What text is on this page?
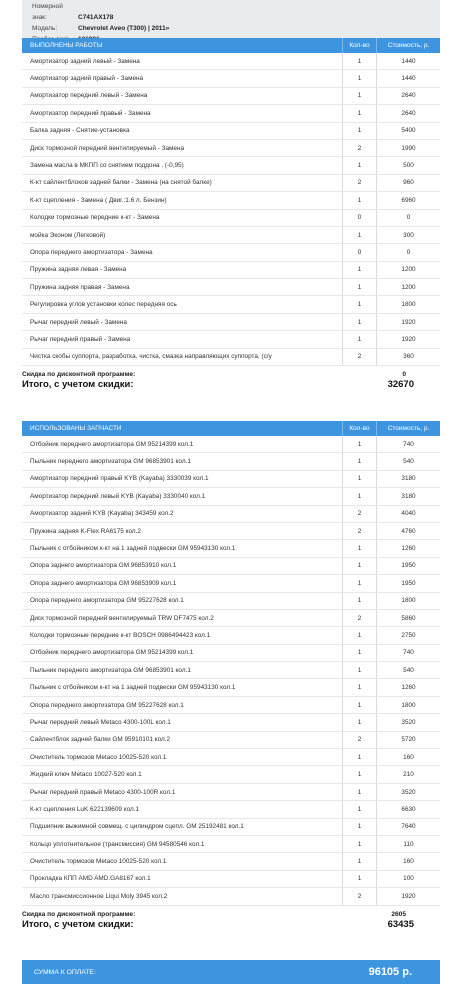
Номерной знак:	C741AX178
Модель:	Chevrolet Aveo (T300) | 2011»
ВЫПОЛНЕНЫ РАБОТЫ	Кол-во	Стоимость, р.
Амортизатор задний левый - Замена	1	1440
Амортизатор задний правый - Замена	1	1440
Амортизатор передний левый - Замена	1	2640
Амортизатор передний правый - Замена	1	2640
Балка задняя - Снятие-установка	1	5400
Диск тормозной передний вентилируемый - Замена	2	1990
Замена масла в МКПП со снятием поддона . (-0,95)	1	500
К-кт сайлентблоков задней балки - Замена (на снятой балке)	2	960
К-кт сцепления - Замена ( Двиг.:1.6 л. Бензин)	1	6960
Колодки тормозные передние к-кт - Замена	0	0
мойка Эконом (Легковой)	1	300
Опора переднего амортизатора - Замена	0	0
Пружина задняя левая - Замена	1	1200
Пружина задняя правая - Замена	1	1200
Регулировка углов установки колес передняя ось	1	1800
Рычаг передний левый - Замена	1	1920
Рычаг передний правый - Замена	1	1920
Чистка скобы суппорта, разработка, чистка, смазка направляющих суппорта, (с/у	2	360
Скидка по дисконтной программе:	0
Итого, с учетом скидки:	32670
ИСПОЛЬЗОВАНЫ ЗАПЧАСТИ	Кол-во	Стоимость, р.
Отбойник переднего амортизатора GM 95214399 кол.1	1	740
Пыльник переднего амортизатора GM 96853901 кол.1	1	540
Амортизатор передний правый KYB (Kayaba) 3330039 кол.1	1	3180
Амортизатор передний левый KYB (Kayaba) 3330040 кол.1	1	3180
Амортизатор задний KYB (Kayaba) 343459 кол.2	2	4040
Пружина задняя K-Flex RA6175 кол.2	2	4760
Пыльник с отбойником к-кт на 1 задней подвески GM 95943130 кол.1	1	1260
Опора заднего амортизатора GM 96853910 кол.1	1	1950
Опора заднего амортизатора GM 96853909 кол.1	1	1950
Опора переднего амортизатора GM 95227628 кол.1	1	1800
Диск тормозной передний вентилируемый TRW DF7475 кол.2	2	5860
Колодки тормозные передние к-кт BOSCH 0986494423 кол.1	1	2750
Отбойник переднего амортизатора GM 95214399 кол.1	1	740
Пыльник переднего амортизатора GM 96853901 кол.1	1	540
Пыльник с отбойником к-кт на 1 задней подвески GM 95943130 кол.1	1	1260
Опора переднего амортизатора GM 95227628 кол.1	1	1800
Рычаг передний левый Metaco 4300-100L кол.1	1	3520
Сайлентблок задней балки GM 95910101 кол.2	2	5720
Очиститель тормозов Metaco 10025-520 кол.1	1	160
Жидкий ключ Metaco 10027-520 кол.1	1	210
Рычаг передний правый Metaco 4300-100R кол.1	1	3520
К-кт сцепления LuK 622139609 кол.1	1	6630
Подшипник выжимной совмещ. с цилиндром сцепл. GM 25192481 кол.1	1	7640
Кольцо уплотнительное (трансмиссия) GM 94580546 кол.1	1	110
Очиститель тормозов Metaco 10025-520 кол.1	1	160
Прокладка КПП AMD AMD.GA8167 кол.1	1	100
Масло трансмиссионное Liqui Moly 3945 кол.2	2	1920
Скидка по дисконтной программе:	2605
Итого, с учетом скидки:	63435
СУММА К ОПЛАТЕ:	96105 р.
